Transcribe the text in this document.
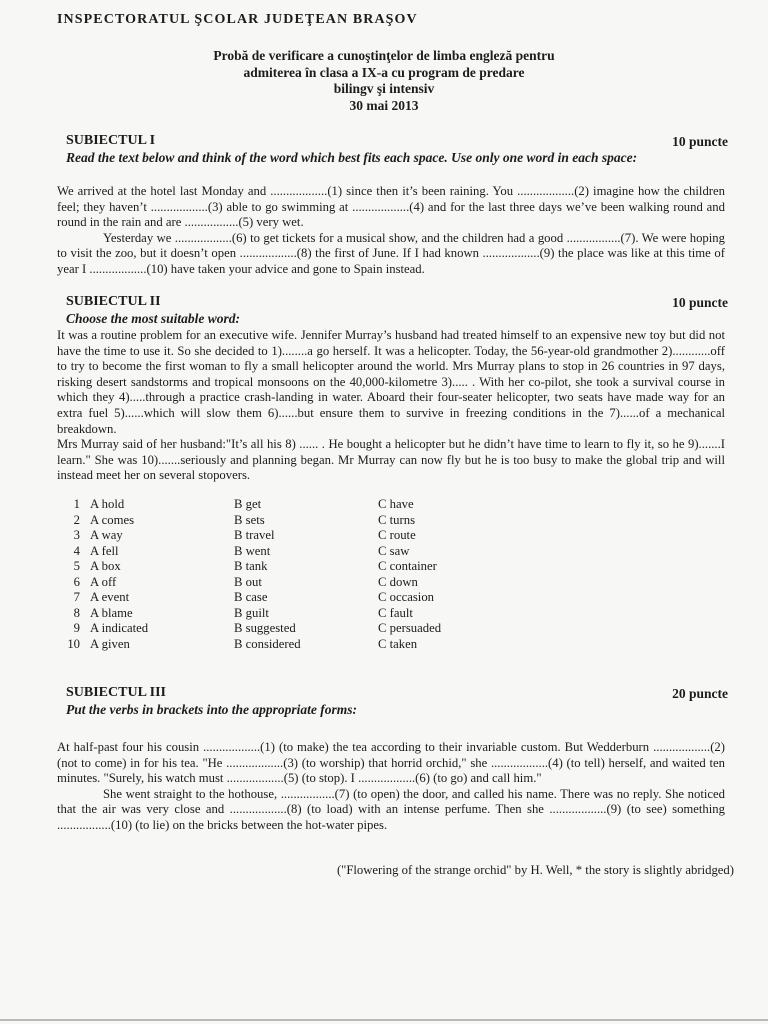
INSPECTORATUL ŞCOLAR JUDEŢEAN BRAŞOV
Probă de verificare a cunoştinţelor de limba engleză pentru
admiterea în clasa a IX-a cu program de predare
bilingv şi intensiv
30 mai 2013
SUBIECTUL I	10 puncte
Read the text below and think of the word which best fits each space. Use only one word in each space:

We arrived at the hotel last Monday and ..................(1) since then it’s been raining. You ..................(2) imagine how the children feel; they haven’t ..................(3) able to go swimming at ..................(4) and for the last three days we’ve been walking round and round in the rain and are .................(5) very wet.

Yesterday we ..................(6) to get tickets for a musical show, and the children had a good .................(7). We were hoping to visit the zoo, but it doesn’t open ..................(8) the first of June. If I had known ..................(9) the place was like at this time of year I ..................(10) have taken your advice and gone to Spain instead.

SUBIECTUL II	10 puncte
Choose the most suitable word:

It was a routine problem for an executive wife. Jennifer Murray’s husband had treated himself to an expensive new toy but did not have the time to use it. So she decided to 1)........a go herself. It was a helicopter. Today, the 56-year-old grandmother 2)............off to try to become the first woman to fly a small helicopter around the world. Mrs Murray plans to stop in 26 countries in 97 days, risking desert sandstorms and tropical monsoons on the 40,000-kilometre 3)..... . With her co-pilot, she took a survival course in which they 4).....through a practice crash-landing in water. Aboard their four-seater helicopter, two seats have made way for an extra fuel 5)......which will slow them 6)......but ensure them to survive in freezing conditions in the 7)......of a mechanical breakdown.

Mrs Murray said of her husband:"It’s all his 8) ...... . He bought a helicopter but he didn’t have time to learn to fly it, so he 9).......I learn." She was 10).......seriously and planning began. Mr Murray can now fly but he is too busy to make the global trip and will instead meet her on several stopovers.

1 A hold	B get	C have
2 A comes	B sets	C turns
3 A way	B travel	C route
4 A fell	B went	C saw
5 A box	B tank	C container
6 A off	B out	C down
7 A event	B case	C occasion
8 A blame	B guilt	C fault
9 A indicated	B suggested	C persuaded
10 A given	B considered	C taken
SUBIECTUL III	20 puncte
Put the verbs in brackets into the appropriate forms:

At half-past four his cousin ..................(1) (to make) the tea according to their invariable custom. But Wedderburn ..................(2) (not to come) in for his tea. "He ..................(3) (to worship) that horrid orchid," she ..................(4) (to tell) herself, and waited ten minutes. "Surely, his watch must ..................(5) (to stop). I ..................(6) (to go) and call him."

She went straight to the hothouse, .................(7) (to open) the door, and called his name. There was no reply. She noticed that the air was very close and ..................(8) (to load) with an intense perfume. Then she ..................(9) (to see) something .................(10) (to lie) on the bricks between the hot-water pipes.

("Flowering of the strange orchid" by H. Well, * the story is slightly abridged)
